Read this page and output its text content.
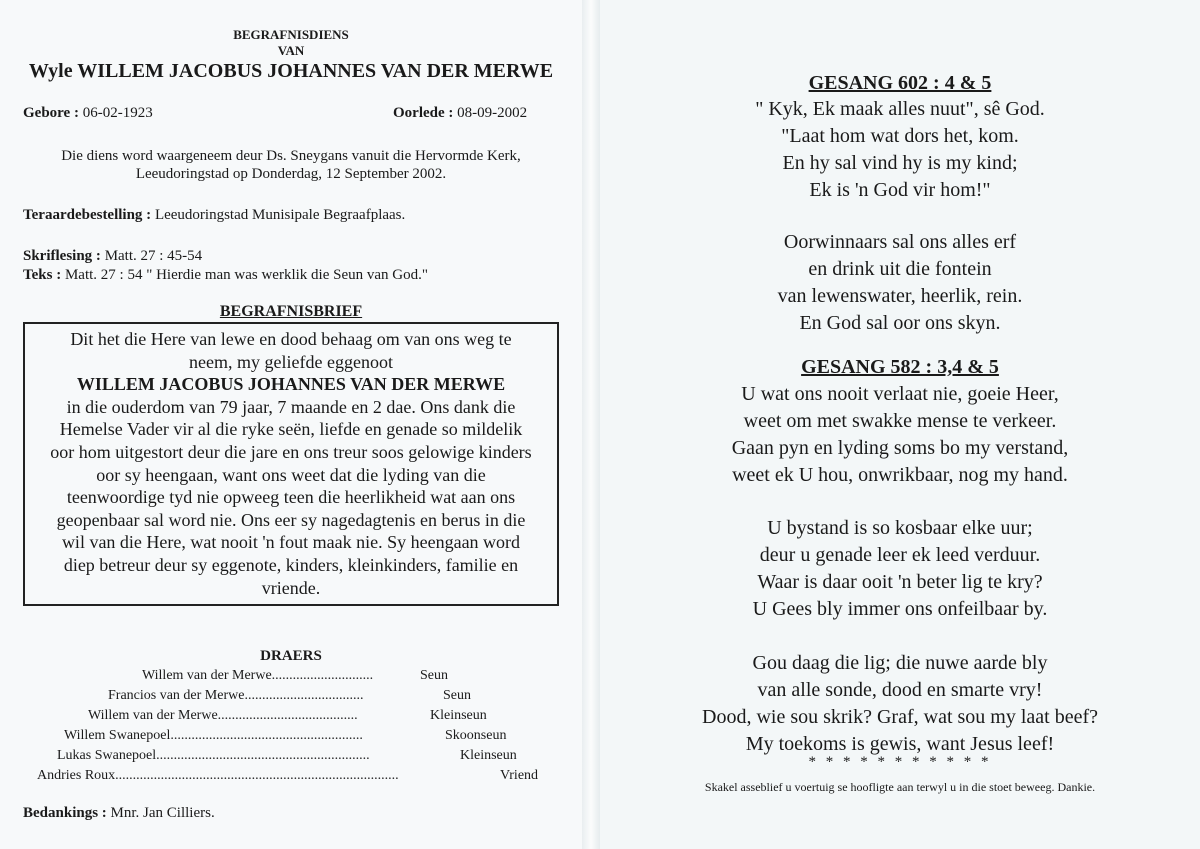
BEGRAFNISDIENS
VAN
Wyle WILLEM JACOBUS JOHANNES VAN DER MERWE
Gebore : 06-02-1923	Oorlede : 08-09-2002
Die diens word waargeneem deur Ds. Sneygans vanuit die Hervormde Kerk,
Leeudoringstad op Donderdag, 12 September 2002.
Teraardebestelling : Leeudoringstad Munisipale Begraafplaas.
Skriflesing : Matt. 27 : 45-54
Teks : Matt. 27 : 54 " Hierdie man was werklik die Seun van God."
BEGRAFNISBRIEF
Dit het die Here van lewe en dood behaag om van ons weg te
neem, my geliefde eggenoot
WILLEM JACOBUS JOHANNES VAN DER MERWE
in die ouderdom van 79 jaar, 7 maande en 2 dae. Ons dank die
Hemelse Vader vir al die ryke seën, liefde en genade so mildelik
oor hom uitgestort deur die jare en ons treur soos gelowige kinders
oor sy heengaan, want ons weet dat die lyding van die
teenwoordige tyd nie opweeg teen die heerlikheid wat aan ons
geopenbaar sal word nie. Ons eer sy nagedagtenis en berus in die
wil van die Here, wat nooit 'n fout maak nie. Sy heengaan word
diep betreur deur sy eggenote, kinders, kleinkinders, familie en
vriende.
DRAERS
Willem van der Merwe.............................	Seun
Francios van der Merwe..................................	Seun
Willem van der Merwe........................................	Kleinseun
Willem Swanepoel.......................................................	Skoonseun
Lukas Swanepoel.............................................................	Kleinseun
Andries Roux.................................................................................	Vriend
Bedankings : Mnr. Jan Cilliers.
GESANG 602 : 4 & 5
" Kyk, Ek maak alles nuut", sê God.
"Laat hom wat dors het, kom.
En hy sal vind hy is my kind;
Ek is 'n God vir hom!"
Oorwinnaars sal ons alles erf
en drink uit die fontein
van lewenswater, heerlik, rein.
En God sal oor ons skyn.
GESANG 582 : 3,4 & 5
U wat ons nooit verlaat nie, goeie Heer,
weet om met swakke mense te verkeer.
Gaan pyn en lyding soms bo my verstand,
weet ek U hou, onwrikbaar, nog my hand.
U bystand is so kosbaar elke uur;
deur u genade leer ek leed verduur.
Waar is daar ooit 'n beter lig te kry?
U Gees bly immer ons onfeilbaar by.
Gou daag die lig; die nuwe aarde bly
van alle sonde, dood en smarte vry!
Dood, wie sou skrik? Graf, wat sou my laat beef?
My toekoms is gewis, want Jesus leef!
* * * * * * * * * * *
Skakel asseblief u voertuig se hoofligte aan terwyl u in die stoet beweeg. Dankie.
